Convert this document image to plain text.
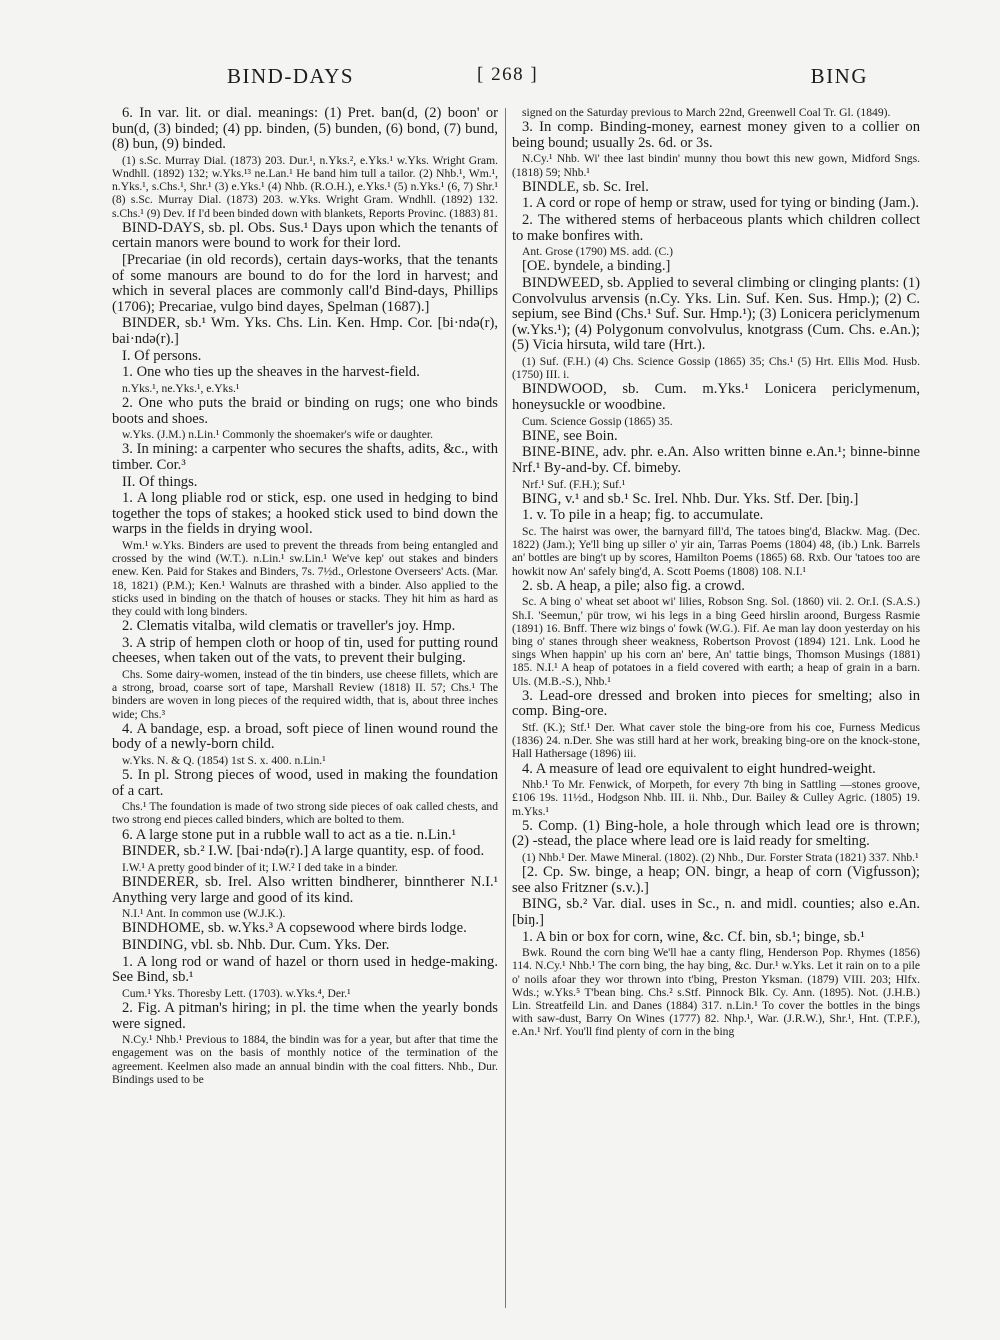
BIND-DAYS	[ 268 ]	BING

6. In var. lit. or dial. meanings: (1) Pret. ban(d, (2) boon' or bun(d, (3) binded; (4) pp. binden, (5) bunden, (6) bond, (7) bund, (8) bun, (9) binded.

(1) s.Sc. Murray Dial. (1873) 203. Dur.¹, n.Yks.², e.Yks.¹ w.Yks. Wright Gram. Wndhll. (1892) 132; w.Yks.¹³ ne.Lan.¹ He band him tull a tailor. (2) Nhb.¹, Wm.¹, n.Yks.¹, s.Chs.¹, Shr.¹ (3) e.Yks.¹ (4) Nhb. (R.O.H.), e.Yks.¹ (5) n.Yks.¹ (6, 7) Shr.¹ (8) s.Sc. Murray Dial. (1873) 203. w.Yks. Wright Gram. Wndhll. (1892) 132. s.Chs.¹ (9) Dev. If I'd been binded down with blankets, Reports Provinc. (1883) 81.

BIND-DAYS, sb. pl. Obs. Sus.¹ Days upon which the tenants of certain manors were bound to work for their lord.

[Precariae (in old records), certain days-works, that the tenants of some manours are bound to do for the lord in harvest; and which in several places are commonly call'd Bind-days, Phillips (1706); Precariae, vulgo bind dayes, Spelman (1687).]

BINDER, sb.¹ Wm. Yks. Chs. Lin. Ken. Hmp. Cor. [bi·ndə(r), bai·ndə(r).]

I. Of persons.

1. One who ties up the sheaves in the harvest-field.

n.Yks.¹, ne.Yks.¹, e.Yks.¹

2. One who puts the braid or binding on rugs; one who binds boots and shoes.

w.Yks. (J.M.) n.Lin.¹ Commonly the shoemaker's wife or daughter.

3. In mining: a carpenter who secures the shafts, adits, &c., with timber. Cor.³

II. Of things.

1. A long pliable rod or stick, esp. one used in hedging to bind together the tops of stakes; a hooked stick used to bind down the warps in the fields in drying wool.

Wm.¹ w.Yks. Binders are used to prevent the threads from being entangled and crossed by the wind (W.T.). n.Lin.¹ sw.Lin.¹ We've kep' out stakes and binders enew. Ken. Paid for Stakes and Binders, 7s. 7½d., Orlestone Overseers' Acts. (Mar. 18, 1821) (P.M.); Ken.¹ Walnuts are thrashed with a binder. Also applied to the sticks used in binding on the thatch of houses or stacks. They hit him as hard as they could with long binders.

2. Clematis vitalba, wild clematis or traveller's joy. Hmp.

3. A strip of hempen cloth or hoop of tin, used for putting round cheeses, when taken out of the vats, to prevent their bulging.

Chs. Some dairy-women, instead of the tin binders, use cheese fillets, which are a strong, broad, coarse sort of tape, Marshall Review (1818) II. 57; Chs.¹ The binders are woven in long pieces of the required width, that is, about three inches wide; Chs.³

4. A bandage, esp. a broad, soft piece of linen wound round the body of a newly-born child.

w.Yks. N. & Q. (1854) 1st S. x. 400. n.Lin.¹

5. In pl. Strong pieces of wood, used in making the foundation of a cart.

Chs.¹ The foundation is made of two strong side pieces of oak called chests, and two strong end pieces called binders, which are bolted to them.

6. A large stone put in a rubble wall to act as a tie. n.Lin.¹

BINDER, sb.² I.W. [bai·ndə(r).] A large quantity, esp. of food.

I.W.¹ A pretty good binder of it; I.W.² I ded take in a binder.

BINDERER, sb. Irel. Also written bindherer, binntherer N.I.¹ Anything very large and good of its kind.

N.I.¹ Ant. In common use (W.J.K.).

BINDHOME, sb. w.Yks.³ A copsewood where birds lodge.

BINDING, vbl. sb. Nhb. Dur. Cum. Yks. Der.

1. A long rod or wand of hazel or thorn used in hedge-making. See Bind, sb.¹

Cum.¹ Yks. Thoresby Lett. (1703). w.Yks.⁴, Der.¹

2. Fig. A pitman's hiring; in pl. the time when the yearly bonds were signed.

N.Cy.¹ Nhb.¹ Previous to 1884, the bindin was for a year, but after that time the engagement was on the basis of monthly notice of the termination of the agreement. Keelmen also made an annual bindin with the coal fitters. Nhb., Dur. Bindings used to be

signed on the Saturday previous to March 22nd, Greenwell Coal Tr. Gl. (1849).

3. In comp. Binding-money, earnest money given to a collier on being bound; usually 2s. 6d. or 3s.

N.Cy.¹ Nhb. Wi' thee last bindin' munny thou bowt this new gown, Midford Sngs. (1818) 59; Nhb.¹

BINDLE, sb. Sc. Irel.

1. A cord or rope of hemp or straw, used for tying or binding (Jam.).

2. The withered stems of herbaceous plants which children collect to make bonfires with.

Ant. Grose (1790) MS. add. (C.)

[OE. byndele, a binding.]

BINDWEED, sb. Applied to several climbing or clinging plants: (1) Convolvulus arvensis (n.Cy. Yks. Lin. Suf. Ken. Sus. Hmp.); (2) C. sepium, see Bind (Chs.¹ Suf. Sur. Hmp.¹); (3) Lonicera periclymenum (w.Yks.¹); (4) Polygonum convolvulus, knotgrass (Cum. Chs. e.An.); (5) Vicia hirsuta, wild tare (Hrt.).

(1) Suf. (F.H.) (4) Chs. Science Gossip (1865) 35; Chs.¹ (5) Hrt. Ellis Mod. Husb. (1750) III. i.

BINDWOOD, sb. Cum. m.Yks.¹ Lonicera periclymenum, honeysuckle or woodbine.

Cum. Science Gossip (1865) 35.

BINE, see Boin.

BINE-BINE, adv. phr. e.An. Also written binne e.An.¹; binne-binne Nrf.¹ By-and-by. Cf. bimeby.

Nrf.¹ Suf. (F.H.); Suf.¹

BING, v.¹ and sb.¹ Sc. Irel. Nhb. Dur. Yks. Stf. Der. [biŋ.]

1. v. To pile in a heap; fig. to accumulate.

Sc. The hairst was ower, the barnyard fill'd, The tatoes bing'd, Blackw. Mag. (Dec. 1822) (Jam.); Ye'll bing up siller o' yir ain, Tarras Poems (1804) 48, (ib.) Lnk. Barrels an' bottles are bing't up by scores, Hamilton Poems (1865) 68. Rxb. Our 'tatoes too are howkit now An' safely bing'd, A. Scott Poems (1808) 108. N.I.¹

2. sb. A heap, a pile; also fig. a crowd.

Sc. A bing o' wheat set aboot wi' lilies, Robson Sng. Sol. (1860) vii. 2. Or.I. (S.A.S.) Sh.I. 'Seemun,' pür trow, wi his legs in a bing Geed hirslin aroond, Burgess Rasmie (1891) 16. Bnff. There wiz bings o' fowk (W.G.). Fif. Ae man lay doon yesterday on his bing o' stanes through sheer weakness, Robertson Provost (1894) 121. Lnk. Lood he sings When happin' up his corn an' bere, An' tattie bings, Thomson Musings (1881) 185. N.I.¹ A heap of potatoes in a field covered with earth; a heap of grain in a barn. Uls. (M.B.-S.), Nhb.¹

3. Lead-ore dressed and broken into pieces for smelting; also in comp. Bing-ore.

Stf. (K.); Stf.¹ Der. What caver stole the bing-ore from his coe, Furness Medicus (1836) 24. n.Der. She was still hard at her work, breaking bing-ore on the knock-stone, Hall Hathersage (1896) iii.

4. A measure of lead ore equivalent to eight hundred-weight.

Nhb.¹ To Mr. Fenwick, of Morpeth, for every 7th bing in Sattling —stones groove, £106 19s. 11½d., Hodgson Nhb. III. ii. Nhb., Dur. Bailey & Culley Agric. (1805) 19. m.Yks.¹

5. Comp. (1) Bing-hole, a hole through which lead ore is thrown; (2) -stead, the place where lead ore is laid ready for smelting.

(1) Nhb.¹ Der. Mawe Mineral. (1802). (2) Nhb., Dur. Forster Strata (1821) 337. Nhb.¹

[2. Cp. Sw. binge, a heap; ON. bingr, a heap of corn (Vigfusson); see also Fritzner (s.v.).]

BING, sb.² Var. dial. uses in Sc., n. and midl. counties; also e.An. [biŋ.]

1. A bin or box for corn, wine, &c. Cf. bin, sb.¹; binge, sb.¹

Bwk. Round the corn bing We'll hae a canty fling, Henderson Pop. Rhymes (1856) 114. N.Cy.¹ Nhb.¹ The corn bing, the hay bing, &c. Dur.¹ w.Yks. Let it rain on to a pile o' noils afoar they wor thrown into t'bing, Preston Yksman. (1879) VIII. 203; Hlfx. Wds.; w.Yks.⁵ T'bean bing. Chs.² s.Stf. Pinnock Blk. Cy. Ann. (1895). Not. (J.H.B.) Lin. Streatfeild Lin. and Danes (1884) 317. n.Lin.¹ To cover the bottles in the bings with saw-dust, Barry On Wines (1777) 82. Nhp.¹, War. (J.R.W.), Shr.¹, Hnt. (T.P.F.), e.An.¹ Nrf. You'll find plenty of corn in the bing
